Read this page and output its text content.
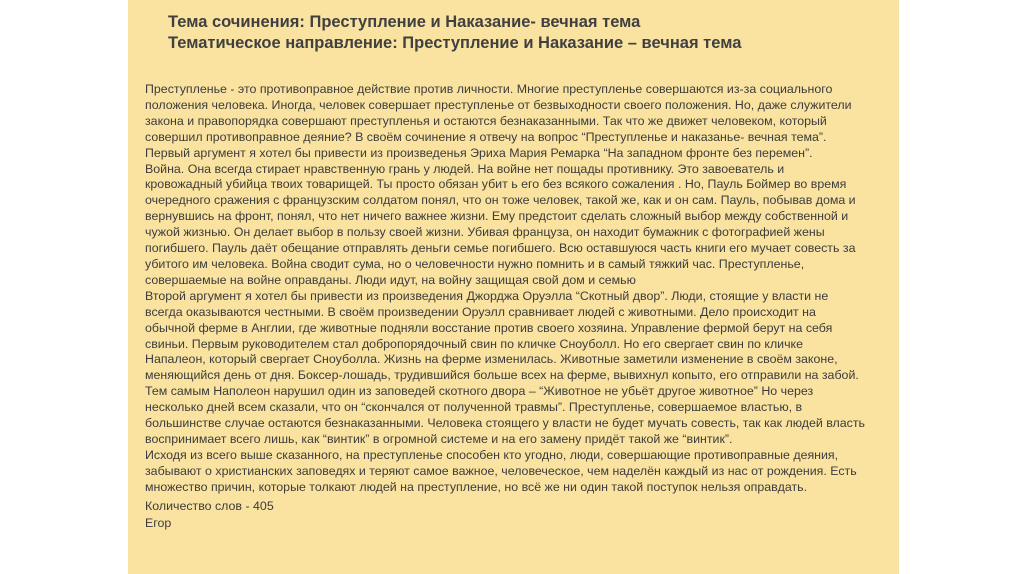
Тема сочинения: Преступление и Наказание- вечная тема
Тематическое направление: Преступление и Наказание – вечная тема
Преступленье - это противоправное действие против личности. Многие преступленье совершаются из-за социального
положения человека. Иногда, человек совершает преступленье от безвыходности своего положения. Но, даже служители
закона и правопорядка совершают преступленья и остаются безнаказанными. Так что же движет человеком, который
совершил противоправное деяние? В своём сочинение я отвечу на вопрос “Преступленье и наказанье- вечная тема”.
Первый аргумент я хотел бы привести из произведенья Эриха Мария Ремарка “На западном фронте без перемен”.
Война. Она всегда стирает нравственную грань у людей. На войне нет пощады противнику. Это завоеватель и
кровожадный убийца твоих товарищей. Ты просто обязан убит ь его без всякого сожаления . Но, Пауль Боймер во время
очередного сражения с французским солдатом понял, что он тоже человек, такой же, как и он сам. Пауль, побывав дома и
вернувшись на фронт, понял, что нет ничего важнее жизни. Ему предстоит сделать сложный выбор между собственной и
чужой жизнью. Он делает выбор в пользу своей жизни. Убивая француза, он находит бумажник с фотографией жены
погибшего. Пауль даёт обещание отправлять деньги семье погибшего. Всю оставшуюся часть книги его мучает совесть за
убитого им человека. Война сводит сума, но о человечности нужно помнить и в самый тяжкий час. Преступленье,
совершаемые на войне оправданы. Люди идут, на войну защищая свой дом и семью
Второй аргумент я хотел бы привести из произведения Джорджа Оруэлла “Скотный двор”. Люди, стоящие у власти не
всегда оказываются честными. В своём произведении Оруэлл сравнивает людей с животными. Дело происходит на
обычной ферме в Англии, где животные подняли восстание против своего хозяина. Управление фермой берут на себя
свиньи. Первым руководителем стал добропорядочный свин по кличке Сноуболл. Но его свергает свин по кличке
Напалеон, который свергает Сноуболла. Жизнь на ферме изменилась. Животные заметили изменение в своём законе,
меняющийся день от дня. Боксер-лошадь, трудившийся больше всех на ферме, вывихнул копыто, его отправили на забой.
Тем самым Наполеон нарушил один из заповедей скотного двора – “Животное не убьёт другое животное” Но через
несколько дней всем сказали, что он “скончался от полученной травмы”. Преступленье, совершаемое властью, в
большинстве случае остаются безнаказанными. Человека стоящего у власти не будет мучать совесть, так как людей власть
воспринимает всего лишь, как “винтик” в огромной системе и на его замену придёт такой же “винтик”.
Исходя из всего выше сказанного, на преступленье способен кто угодно, люди, совершающие противоправные деяния,
забывают о христианских заповедях и теряют самое важное, человеческое, чем наделён каждый из нас от рождения. Есть
множество причин, которые толкают людей на преступление, но всё же ни один такой поступок нельзя оправдать.
Количество слов - 405
Егор
